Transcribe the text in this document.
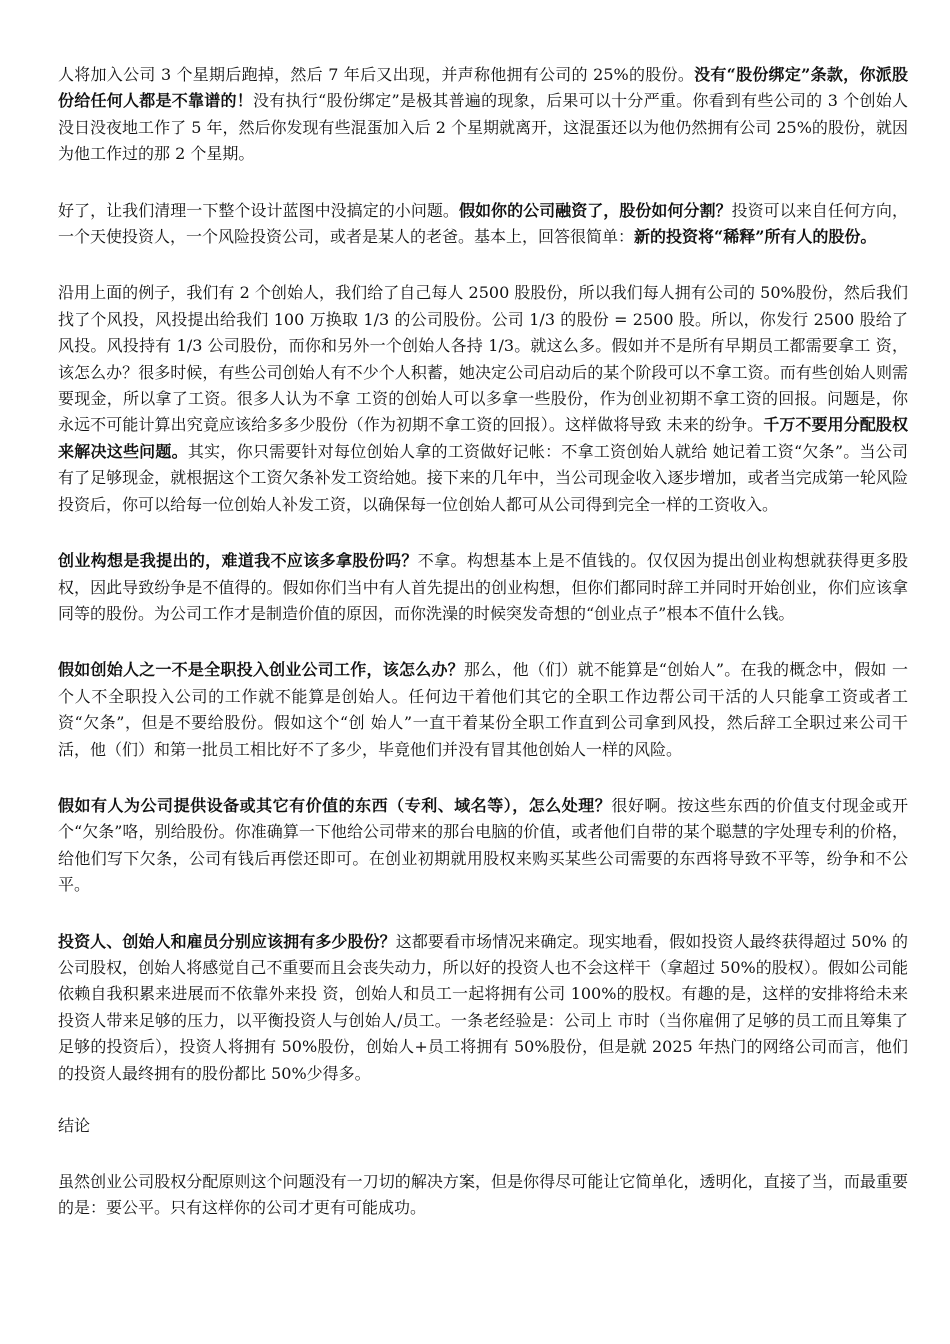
人将加入公司 3 个星期后跑掉，然后 7 年后又出现，并声称他拥有公司的 25%的股份。没有“股份绑定”条款，你派股份给任何人都是不靠谱的！没有执行“股份绑定”是极其普遍的现象，后果可以十分严重。你看到有些公司的 3 个创始人没日没夜地工作了 5 年，然后你发现有些混蛋加入后 2 个星期就离开，这混蛋还以为他仍然拥有公司 25%的股份，就因为他工作过的那 2 个星期。

好了，让我们清理一下整个设计蓝图中没搞定的小问题。假如你的公司融资了，股份如何分割？投资可以来自任何方向，一个天使投资人，一个风险投资公司，或者是某人的老爸。基本上，回答很简单：新的投资将“稀释”所有人的股份。

沿用上面的例子，我们有 2 个创始人，我们给了自己每人 2500 股股份，所以我们每人拥有公司的 50%股份，然后我们找了个风投，风投提出给我们 100 万换取 1/3 的公司股份。公司 1/3 的股份 = 2500 股。所以，你发行 2500 股给了风投。风投持有 1/3 公司股份，而你和另外一个创始人各持 1/3。就这么多。假如并不是所有早期员工都需要拿工 资，该怎么办？很多时候，有些公司创始人有不少个人积蓄，她决定公司启动后的某个阶段可以不拿工资。而有些创始人则需要现金，所以拿了工资。很多人认为不拿 工资的创始人可以多拿一些股份，作为创业初期不拿工资的回报。问题是，你永远不可能计算出究竟应该给多多少股份（作为初期不拿工资的回报）。这样做将导致 未来的纷争。千万不要用分配股权来解决这些问题。其实，你只需要针对每位创始人拿的工资做好记帐：不拿工资创始人就给 她记着工资“欠条”。当公司有了足够现金，就根据这个工资欠条补发工资给她。接下来的几年中，当公司现金收入逐步增加，或者当完成第一轮风险投资后，你可以给每一位创始人补发工资，以确保每一位创始人都可从公司得到完全一样的工资收入。

创业构想是我提出的，难道我不应该多拿股份吗？不拿。构想基本上是不值钱的。仅仅因为提出创业构想就获得更多股 权，因此导致纷争是不值得的。假如你们当中有人首先提出的创业构想，但你们都同时辞工并同时开始创业，你们应该拿同等的股份。为公司工作才是制造价值的原因，而你洗澡的时候突发奇想的“创业点子”根本不值什么钱。

假如创始人之一不是全职投入创业公司工作，该怎么办？那么，他（们）就不能算是“创始人”。在我的概念中，假如 一个人不全职投入公司的工作就不能算是创始人。任何边干着他们其它的全职工作边帮公司干活的人只能拿工资或者工资“欠条”，但是不要给股份。假如这个“创 始人”一直干着某份全职工作直到公司拿到风投，然后辞工全职过来公司干活，他（们）和第一批员工相比好不了多少，毕竟他们并没有冒其他创始人一样的风险。

假如有人为公司提供设备或其它有价值的东西（专利、域名等），怎么处理？很好啊。按这些东西的价值支付现金或开个“欠条”咯，别给股份。你准确算一下他给公司带来的那台电脑的价值，或者他们自带的某个聪慧的字处理专利的价格，给他们写下欠条，公司有钱后再偿还即可。在创业初期就用股权来购买某些公司需要的东西将导致不平等，纷争和不公平。

投资人、创始人和雇员分别应该拥有多少股份？这都要看市场情况来确定。现实地看，假如投资人最终获得超过 50% 的公司股权，创始人将感觉自己不重要而且会丧失动力，所以好的投资人也不会这样干（拿超过 50%的股权）。假如公司能依赖自我积累来进展而不依靠外来投 资，创始人和员工一起将拥有公司 100%的股权。有趣的是，这样的安排将给未来投资人带来足够的压力，以平衡投资人与创始人/员工。一条老经验是：公司上 市时（当你雇佣了足够的员工而且筹集了足够的投资后），投资人将拥有 50%股份，创始人+员工将拥有 50%股份，但是就 2025 年热门的网络公司而言，他们的投资人最终拥有的股份都比 50%少得多。

结论

虽然创业公司股权分配原则这个问题没有一刀切的解决方案，但是你得尽可能让它简单化，透明化，直接了当，而最重要的是：要公平。只有这样你的公司才更有可能成功。
